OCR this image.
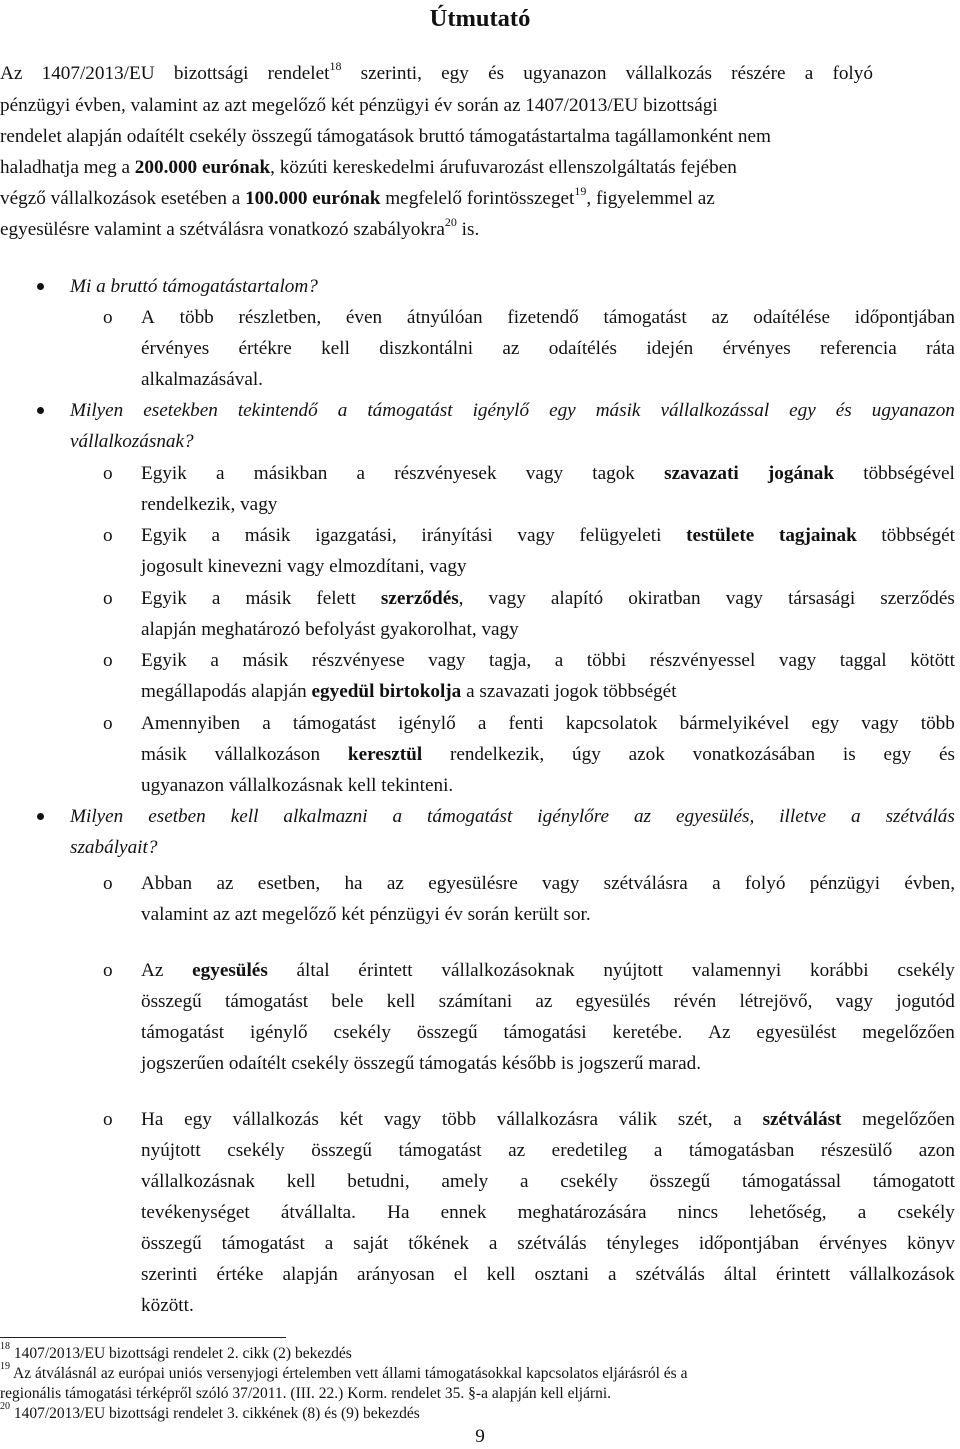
Útmutató

Az 1407/2013/EU bizottsági rendelet$^{18}$ szerinti, egy és ugyanazon vállalkozás részére a folyó

pénzügyi évben, valamint az azt megelőző két pénzügyi év során az 1407/2013/EU bizottsági

rendelet alapján odaítélt csekély összegű támogatások bruttó támogatástartalma tagállamonként nem

haladhatja meg a 200.000 eurónak, közúti kereskedelmi árufuvarozást ellenszolgáltatás fejében

végző vállalkozások esetében a 100.000 eurónak megfelelő forintösszeget$^{19}$, figyelemmel az

egyesülésre valamint a szétválásra vonatkozó szabályokra$^{20}$ is.

Mi a bruttó támogatástartalom?

o A több részletben, éven átnyúlóan fizetendő támogatást az odaítélése időpontjában

érvényes értékre kell diszkontálni az odaítélés idején érvényes referencia ráta

alkalmazásával.

Milyen esetekben tekintendő a támogatást igénylő egy másik vállalkozással egy és ugyanazon

vállalkozásnak?

o Egyik a másikban a részvényesek vagy tagok szavazati jogának többségével

rendelkezik, vagy

o Egyik a másik igazgatási, irányítási vagy felügyeleti testülete tagjainak többségét

jogosult kinevezni vagy elmozdítani, vagy

o Egyik a másik felett szerződés, vagy alapító okiratban vagy társasági szerződés

alapján meghatározó befolyást gyakorolhat, vagy

o Egyik a másik részvényese vagy tagja, a többi részvényessel vagy taggal kötött

megállapodás alapján egyedül birtokolja a szavazati jogok többségét

o Amennyiben a támogatást igénylő a fenti kapcsolatok bármelyikével egy vagy több

másik vállalkozáson keresztül rendelkezik, úgy azok vonatkozásában is egy és

ugyanazon vállalkozásnak kell tekinteni.

Milyen esetben kell alkalmazni a támogatást igénylőre az egyesülés, illetve a szétválás

szabályait?

o Abban az esetben, ha az egyesülésre vagy szétválásra a folyó pénzügyi évben,

valamint az azt megelőző két pénzügyi év során került sor.

o Az egyesülés által érintett vállalkozásoknak nyújtott valamennyi korábbi csekély

összegű támogatást bele kell számítani az egyesülés révén létrejövő, vagy jogutód

támogatást igénylő csekély összegű támogatási keretébe. Az egyesülést megelőzően

jogszerűen odaítélt csekély összegű támogatás később is jogszerű marad.

o Ha egy vállalkozás két vagy több vállalkozásra válik szét, a szétválást megelőzően

nyújtott csekély összegű támogatást az eredetileg a támogatásban részesülő azon

vállalkozásnak kell betudni, amely a csekély összegű támogatással támogatott

tevékenységet átvállalta. Ha ennek meghatározására nincs lehetőség, a csekély

összegű támogatást a saját tőkének a szétválás tényleges időpontjában érvényes könyv

szerinti értéke alapján arányosan el kell osztani a szétválás által érintett vállalkozások

között.

$^{18}$ 1407/2013/EU bizottsági rendelet 2. cikk (2) bekezdés

$^{19}$ Az átválásnál az európai uniós versenyjogi értelemben vett állami támogatásokkal kapcsolatos eljárásról és a

regionális támogatási térképről szóló 37/2011. (III. 22.) Korm. rendelet 35. §-a alapján kell eljárni.

$^{20}$ 1407/2013/EU bizottsági rendelet 3. cikkének (8) és (9) bekezdés

9
